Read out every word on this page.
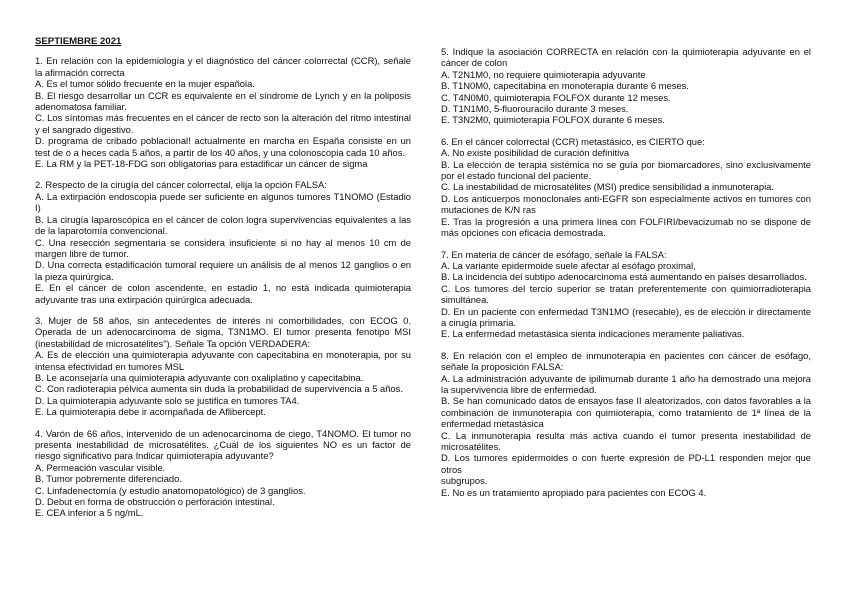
SEPTIEMBRE 2021

1. En relación con la epidemiología y el diagnóstico del cáncer colorrectal (CCR), señale la afirmación correcta

A. Es el tumor sólido frecuente en la mujer española.

B. El riesgo desarrollar un CCR es equivalente en el síndrome de Lynch y en la poliposis adenomatosa familiar.

C. Los síntomas más frecuentes en el cáncer de recto son la alteración del ritmo intestinal y el sangrado digestivo.

D. programa de cribado poblacional! actualmente en marcha en España consiste en un test de o a heces cada 5 años, a partir de los 40 años, y una colonoscopia cada 10 años.

E. La RM y la PET-18-FDG son obligatorias para estadificar un cáncer de sigma

2. Respecto de la cirugía del cáncer colorrectal, elija la opción FALSA:

A. La extirpación endoscopia puede ser suficiente en algunos tumores T1NOMO (Estadio I)

B. La cirugía laparoscópica en el cáncer de colon logra supervivencias equivalentes a las de la laparotomía convencional.

C. Una resección segmentaria se considera insuficiente si no hay al menos 10 cm de margen libre de tumor.

D. Una correcta estadificación tumoral requiere un análisis de al menos 12 ganglios o en la pieza quirúrgica.

E. En el cáncer de colon ascendente, en estadio 1, no está indicada quimioterapia adyuvante tras una extirpación quirúrgica adecuada.

3. Mujer de 58 años, sin antecedentes de interés ni comorbilidades, con ECOG 0. Operada de un adenocarcinoma de sigma, T3N1MO. El tumor presenta fenotipo MSI (inestabilidad de microsatélites"). Señale Ta opción VERDADERA:

A. Es de elección una quimioterapia adyuvante con capecitabina en monoterapia, por su intensa efectividad en tumores MSL

B. Le aconsejaría una quimioterapia adyuvante con oxaliplatino y capecitabina.

C. Con radioterapia pélvica aumenta sin duda la probabilidad de supervivencia a 5 años.

D. La quimioterapia adyuvante solo se justifica en tumores TA4.

E. La quimioterapia debe ir acompañada de Aflibercept.

4. Varón de 66 años, intervenido de un adenocarcinoma de ciego, T4NOMO. El tumor no presenta inestabilidad de microsatélites. ¿Cuál de los siguientes NO es un factor de riesgo significativo para Indicar quimioterapia adyuvante?

A. Permeación vascular visible.

B. Tumor pobremente diferenciado.

C. Linfadenectomía (y estudio anatomopatológico) de 3 ganglios.

D. Debut en forma de obstrucción o perforación intestinal.

E. CEA inferior a 5 ng/mL.

5. Indique la asociación CORRECTA en relación con la quimioterapia adyuvante en el cáncer de colon

A. T2N1M0, no requiere quimioterapia adyuvante

B. T1N0M0, capecitabina en monoterapia durante 6 meses.

C. T4N0M0, quimioterapia FOLFOX durante 12 meses.

D. T1N1M0, 5-fluorouracilo durante 3 meses.

E. T3N2M0, quimioterapia FOLFOX durante 6 meses.

6. En el cáncer colorrectal (CCR) metastásico, es CIERTO que:

A. No existe posibilidad de curación definitiva

B. La elección de terapia sistémica no se guía por biomarcadores, sino exclusivamente por el estado funcional del paciente.

C. La inestabilidad de microsatélites (MSI) predice sensibilidad a inmunoterapia.

D. Los anticuerpos monoclonales anti-EGFR son especialmente activos en tumores con mutaciones de K/N ras

E. Tras la progresión a una primera línea con FOLFIRI/bevacizumab no se dispone de más opciones con eficacia demostrada.

7. En materia de cáncer de esófago, señale la FALSA:

A. La variante epidermoide suele afectar al esófago proximal,

B. La incidencia del subtipo adenocarcinoma está aumentando en países desarrollados.

C. Los tumores del tercio superior se tratan preferentemente con quimiorradioterapia simultánea.

D. En un paciente con enfermedad T3N1MO (resecable), es de elección ir directamente a cirugía primaria.

E. La enfermedad metastásica sienta indicaciones meramente paliativas.

8. En relación con el empleo de inmunoterapia en pacientes con cáncer de esófago, señale la proposición FALSA:

A. La administración adyuvante de ipilimumab durante 1 año ha demostrado una mejora la supervivencia libre de enfermedad.

B. Se han comunicado datos de ensayos fase II aleatorizados, con datos favorables a la combinación de inmunoterapia con quimioterapia, como tratamiento de 1ª línea de la enfermedad metastásica

C. La inmunoterapia resulta más activa cuando el tumor presenta inestabilidad de microsatélites.

D. Los tumores epidermoides o con fuerte expresión de PD-L1 responden mejor que otros

subgrupos.

E. No es un tratamiento apropiado para pacientes con ECOG 4.
